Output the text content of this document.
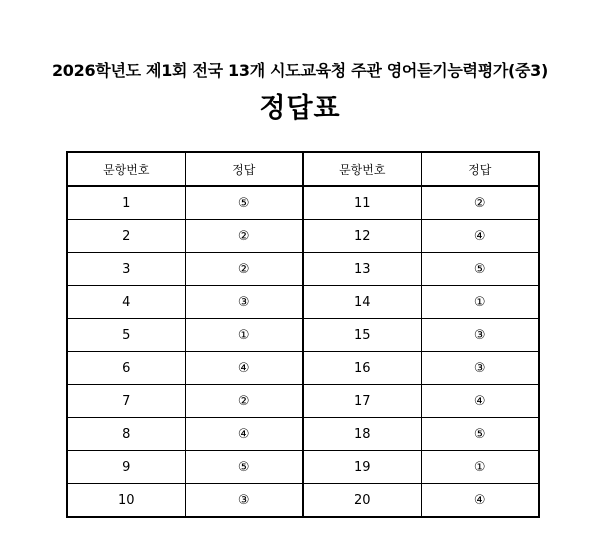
2026학년도 제1회 전국 13개 시도교육청 주관 영어듣기능력평가(중3)
정답표
문항번호	정답	문항번호	정답
1	⑤	11	②
2	②	12	④
3	②	13	⑤
4	③	14	①
5	①	15	③
6	④	16	③
7	②	17	④
8	④	18	⑤
9	⑤	19	①
10	③	20	④
